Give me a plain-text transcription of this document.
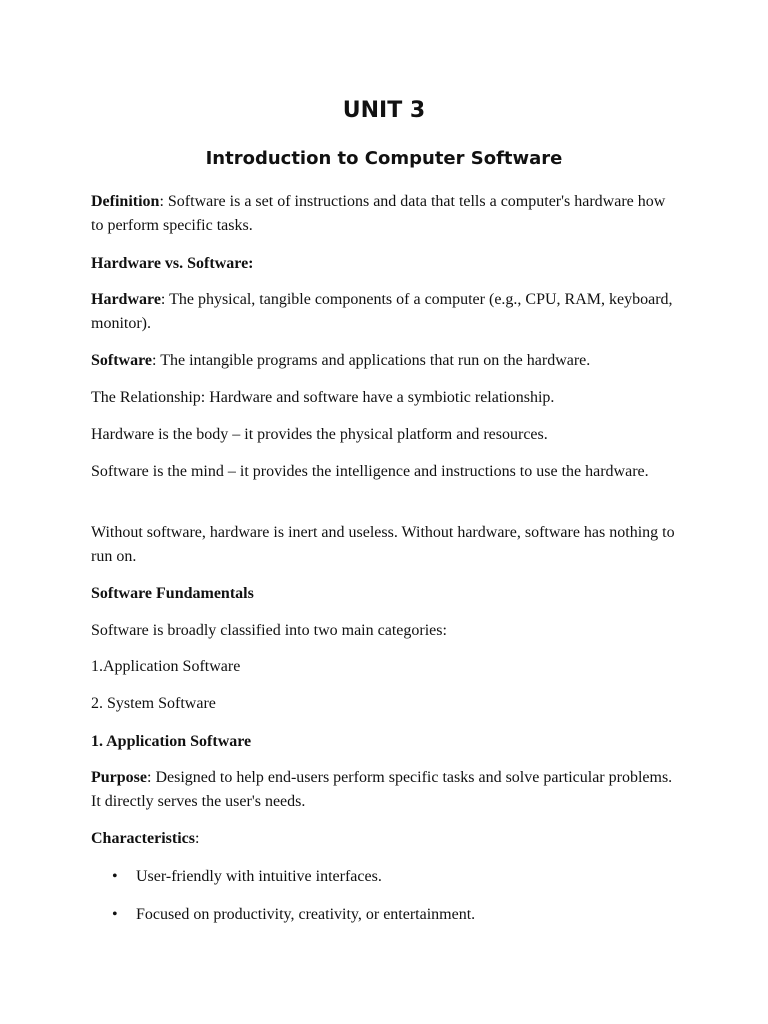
UNIT 3
Introduction to Computer Software

Definition: Software is a set of instructions and data that tells a computer's hardware how to perform specific tasks.

Hardware vs. Software:

Hardware: The physical, tangible components of a computer (e.g., CPU, RAM, keyboard, monitor).

Software: The intangible programs and applications that run on the hardware.

The Relationship: Hardware and software have a symbiotic relationship.

Hardware is the body – it provides the physical platform and resources.

Software is the mind – it provides the intelligence and instructions to use the hardware.

Without software, hardware is inert and useless. Without hardware, software has nothing to run on.

Software Fundamentals

Software is broadly classified into two main categories:

1.Application Software

2. System Software

1. Application Software

Purpose: Designed to help end-users perform specific tasks and solve particular problems. It directly serves the user's needs.

Characteristics:

•	User-friendly with intuitive interfaces.
•	Focused on productivity, creativity, or entertainment.
